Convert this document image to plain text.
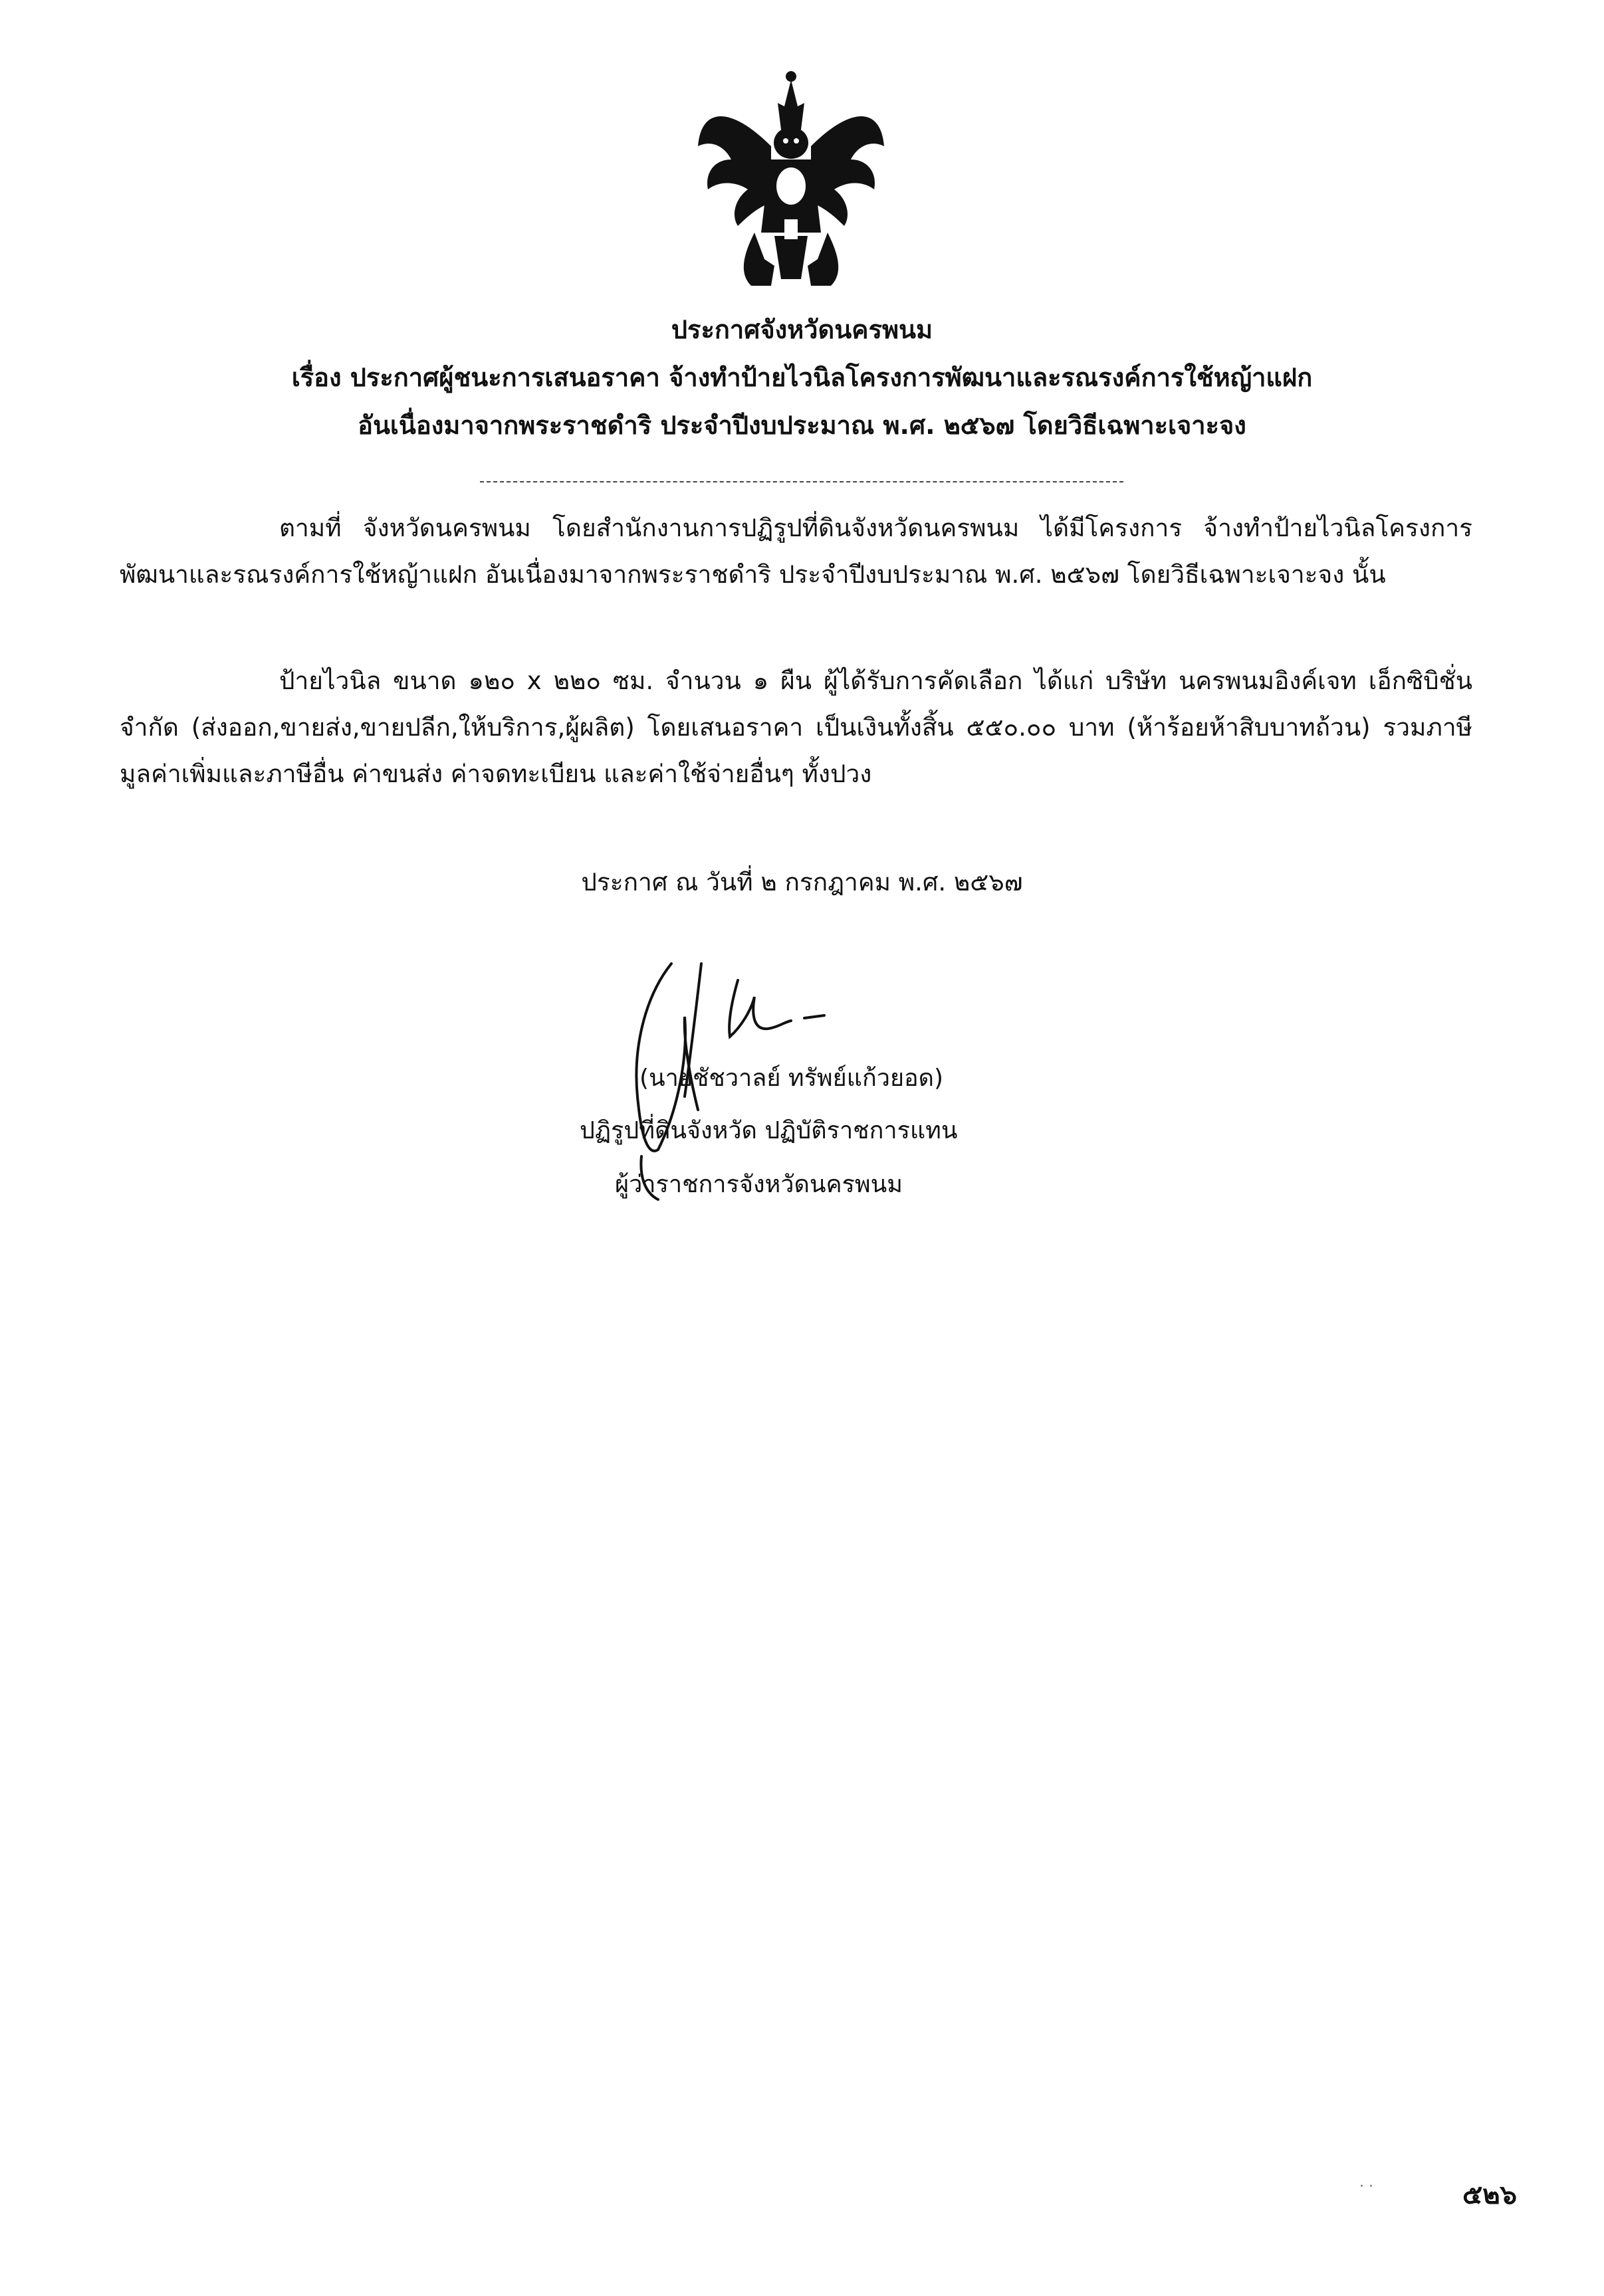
ประกาศจังหวัดนครพนม
เรื่อง ประกาศผู้ชนะการเสนอราคา จ้างทำป้ายไวนิลโครงการพัฒนาและรณรงค์การใช้หญ้าแฝก
อันเนื่องมาจากพระราชดำริ ประจำปีงบประมาณ พ.ศ. ๒๕๖๗ โดยวิธีเฉพาะเจาะจง
ตามที่ จังหวัดนครพนม โดยสำนักงานการปฏิรูปที่ดินจังหวัดนครพนม ได้มีโครงการ จ้างทำป้ายไวนิลโครงการพัฒนาและรณรงค์การใช้หญ้าแฝก อันเนื่องมาจากพระราชดำริ ประจำปีงบประมาณ พ.ศ. ๒๕๖๗ โดยวิธีเฉพาะเจาะจง นั้น
ป้ายไวนิล ขนาด ๑๒๐ x ๒๒๐ ซม. จำนวน ๑ ผืน ผู้ได้รับการคัดเลือก ได้แก่ บริษัท นครพนมอิงค์เจท เอ็กซิบิชั่น จำกัด (ส่งออก,ขายส่ง,ขายปลีก,ให้บริการ,ผู้ผลิต) โดยเสนอราคา เป็นเงินทั้งสิ้น ๕๕๐.๐๐ บาท (ห้าร้อยห้าสิบบาทถ้วน) รวมภาษีมูลค่าเพิ่มและภาษีอื่น ค่าขนส่ง ค่าจดทะเบียน และค่าใช้จ่ายอื่นๆ ทั้งปวง
ประกาศ ณ วันที่ ๒ กรกฎาคม พ.ศ. ๒๕๖๗
(นายชัชวาลย์ ทรัพย์แก้วยอด)
ปฏิรูปที่ดินจังหวัด ปฏิบัติราชการแทน
ผู้ว่าราชการจังหวัดนครพนม
· ·	๕๒๖
